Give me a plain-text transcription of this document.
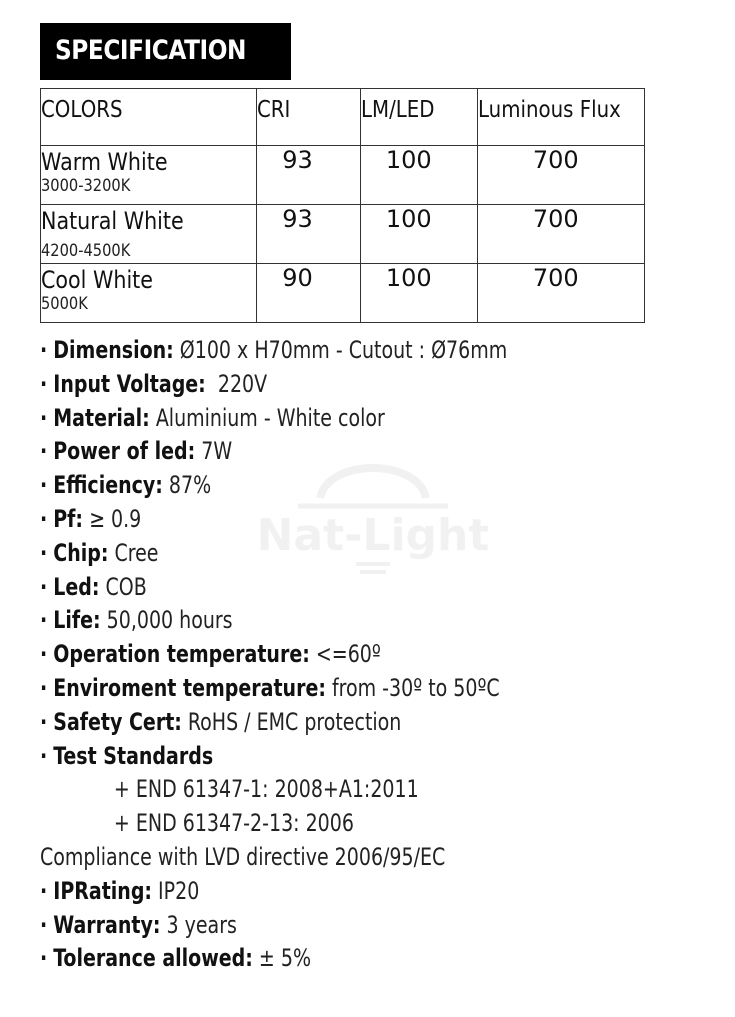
SPECIFICATION
COLORS	CRI	LM/LED	Luminous Flux

Warm White
3000-3200K	93	100	700

Natural White
4200-4500K	93	100	700

Cool White
5000K	90	100	700
Nat-Light
· Dimension: Ø100 x H70mm - Cutout : Ø76mm
· Input Voltage:  220V
· Material: Aluminium - White color
· Power of led: 7W
· Efficiency: 87%
· Pf: ≥ 0.9
· Chip: Cree
· Led: COB
· Life: 50,000 hours
· Operation temperature: <=60º
· Enviroment temperature: from -30º to 50ºC
· Safety Cert: RoHS / EMC protection
· Test Standards
+ END 61347-1: 2008+A1:2011
+ END 61347-2-13: 2006
Compliance with LVD directive 2006/95/EC
· IPRating: IP20
· Warranty: 3 years
· Tolerance allowed: ± 5%
